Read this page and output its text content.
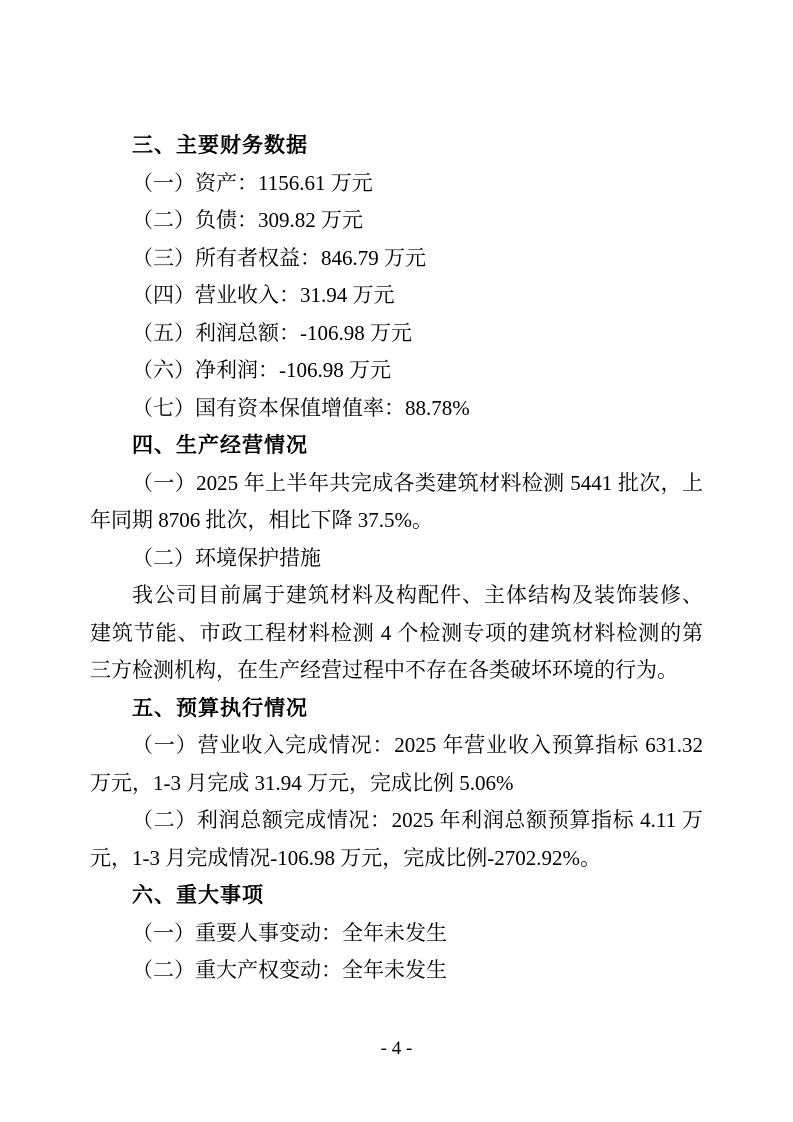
三、主要财务数据
（一）资产：1156.61 万元
（二）负债：309.82 万元
（三）所有者权益：846.79 万元
（四）营业收入：31.94 万元
（五）利润总额：-106.98 万元
（六）净利润：-106.98 万元
（七）国有资本保值增值率：88.78%
四、生产经营情况
（一）2025 年上半年共完成各类建筑材料检测 5441 批次，上
年同期 8706 批次，相比下降 37.5%。
（二）环境保护措施
我公司目前属于建筑材料及构配件、主体结构及装饰装修、
建筑节能、市政工程材料检测 4 个检测专项的建筑材料检测的第
三方检测机构，在生产经营过程中不存在各类破坏环境的行为。
五、预算执行情况
（一）营业收入完成情况：2025 年营业收入预算指标 631.32
万元，1-3 月完成 31.94 万元，完成比例 5.06%
（二）利润总额完成情况：2025 年利润总额预算指标 4.11 万
元，1-3 月完成情况-106.98 万元，完成比例-2702.92%。
六、重大事项
（一）重要人事变动：全年未发生
（二）重大产权变动：全年未发生
- 4 -
